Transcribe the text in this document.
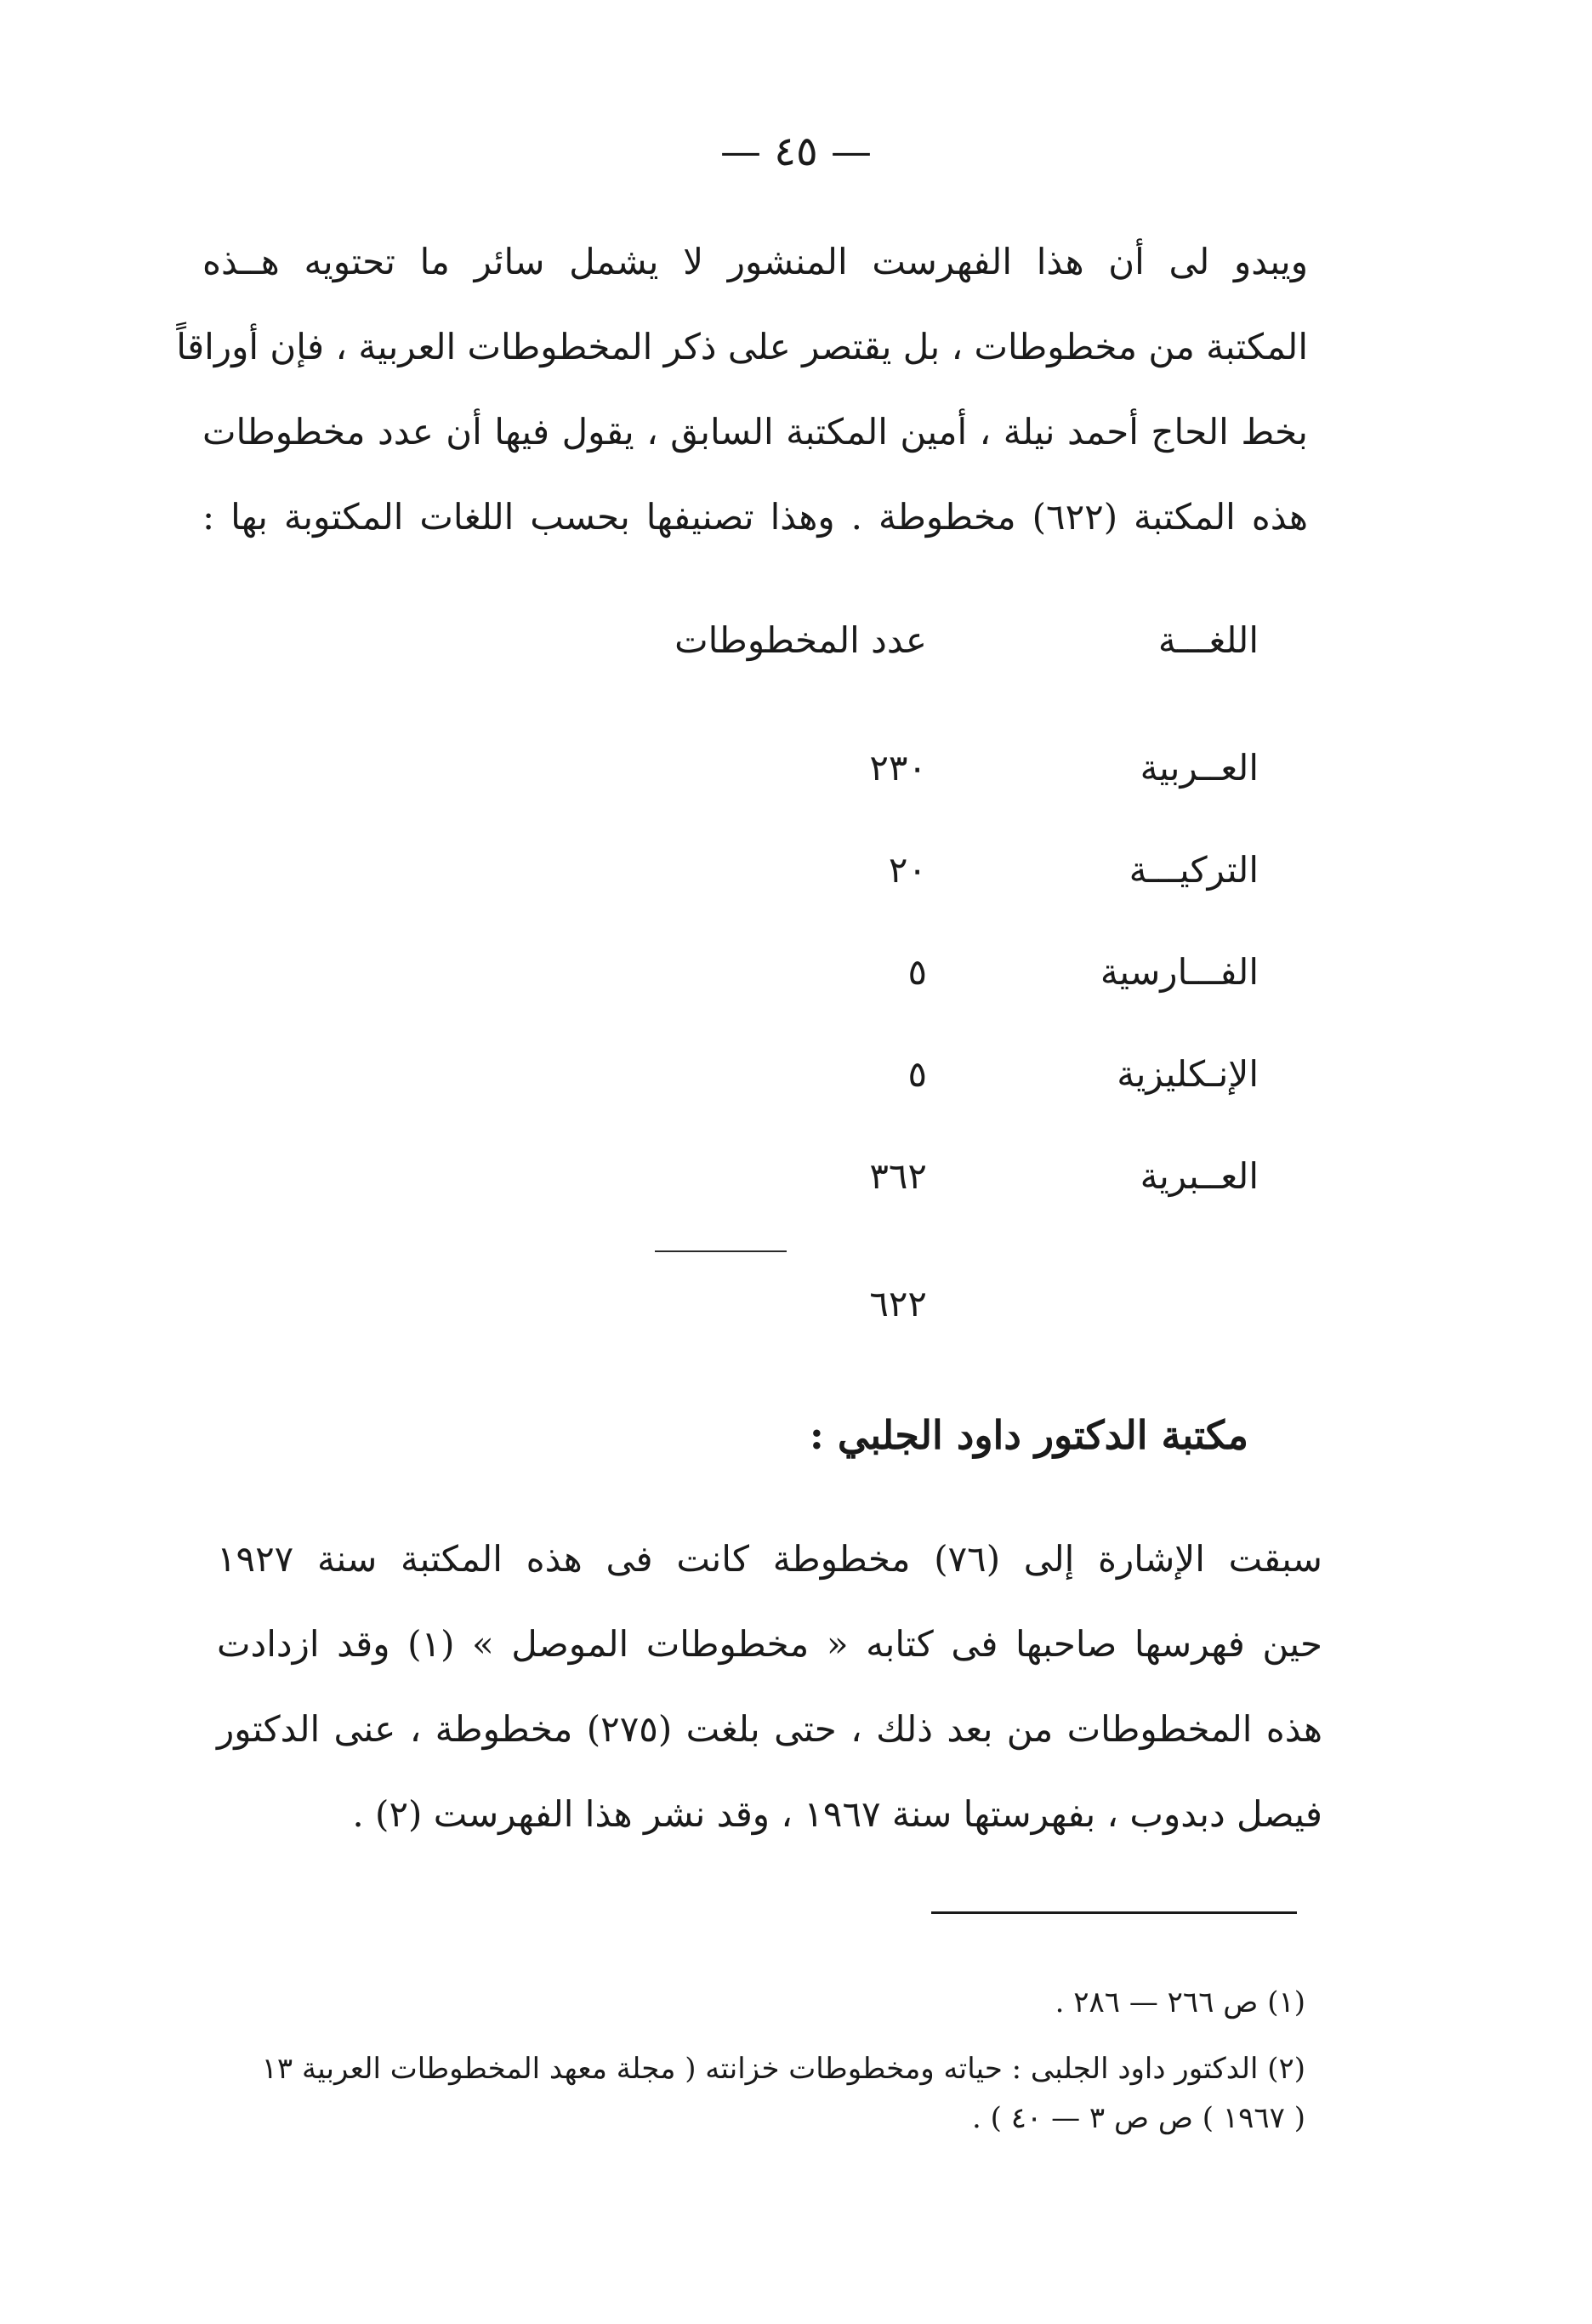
— ٤٥ —
ويبدو لى أن هذا الفهرست المنشور لا يشمل سائر ما تحتويه هــذه
المكتبة من مخطوطات ، بل يقتصر على ذكر المخطوطات العربية ، فإن أوراقاً
بخط الحاج أحمد نيلة ، أمين المكتبة السابق ، يقول فيها أن عدد مخطوطات
هذه المكتبة (٦٢٢) مخطوطة . وهذا تصنيفها بحسب اللغات المكتوبة بها :
اللغـــة
عدد المخطوطات
العــربية
٢٣٠
التركيـــة
٢٠
الفـــارسية
٥
الإنـكليزية
٥
العــبرية
٣٦٢
٦٢٢
مكتبة الدكتور داود الجلبي :
سبقت الإشارة إلى (٧٦) مخطوطة كانت فى هذه المكتبة سنة ١٩٢٧
حين فهرسها صاحبها فى كتابه « مخطوطات الموصل » (١) وقد ازدادت
هذه المخطوطات من بعد ذلك ، حتى بلغت (٢٧٥) مخطوطة ، عنى الدكتور
فيصل دبدوب ، بفهرستها سنة ١٩٦٧ ، وقد نشر هذا الفهرست (٢) .
(١) ص ٢٦٦ — ٢٨٦ .
(٢) الدكتور داود الجلبى : حياته ومخطوطات خزانته ( مجلة معهد المخطوطات العربية ١٣
( ١٩٦٧ ) ص ص ٣ — ٤٠ ) .
